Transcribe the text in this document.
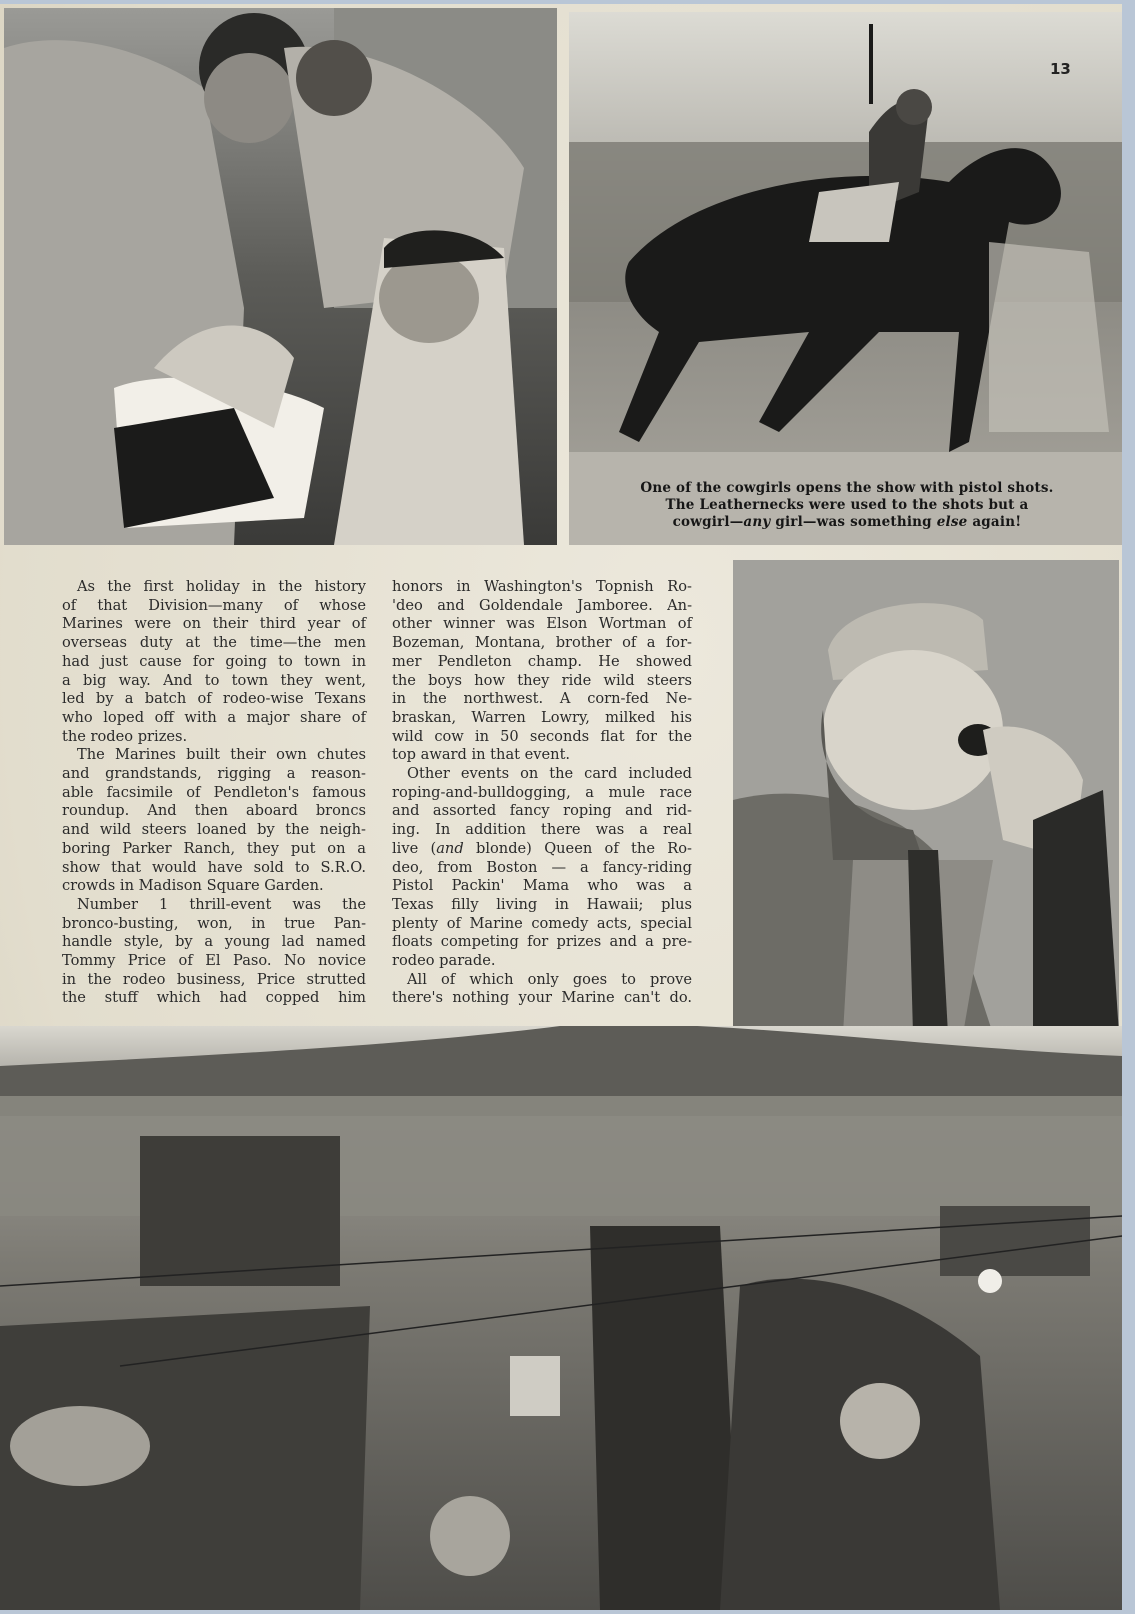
13
One of the cowgirls opens the show with pistol shots.
The Leathernecks were used to the shots but a
cowgirl—any girl—was something else again!

As the first holiday in the history

of that Division—many of whose

Marines were on their third year of

overseas duty at the time—the men

had just cause for going to town in

a big way. And to town they went,

led by a batch of rodeo-wise Texans

who loped off with a major share of

the rodeo prizes.

The Marines built their own chutes

and grandstands, rigging a reason-

able facsimile of Pendleton's famous

roundup. And then aboard broncs

and wild steers loaned by the neigh-

boring Parker Ranch, they put on a

show that would have sold to S.R.O.

crowds in Madison Square Garden.

Number 1 thrill-event was the

bronco-busting, won, in true Pan-

handle style, by a young lad named

Tommy Price of El Paso. No novice

in the rodeo business, Price strutted

the stuff which had copped him

honors in Washington's Topnish Ro-

'deo and Goldendale Jamboree. An-

other winner was Elson Wortman of

Bozeman, Montana, brother of a for-

mer Pendleton champ. He showed

the boys how they ride wild steers

in the northwest. A corn-fed Ne-

braskan, Warren Lowry, milked his

wild cow in 50 seconds flat for the

top award in that event.

Other events on the card included

roping-and-bulldogging, a mule race

and assorted fancy roping and rid-

ing. In addition there was a real

live (and blonde) Queen of the Ro-

deo, from Boston — a fancy-riding

Pistol Packin' Mama who was a

Texas filly living in Hawaii; plus

plenty of Marine comedy acts, special

floats competing for prizes and a pre-

rodeo parade.

All of which only goes to prove

there's nothing your Marine can't do.
